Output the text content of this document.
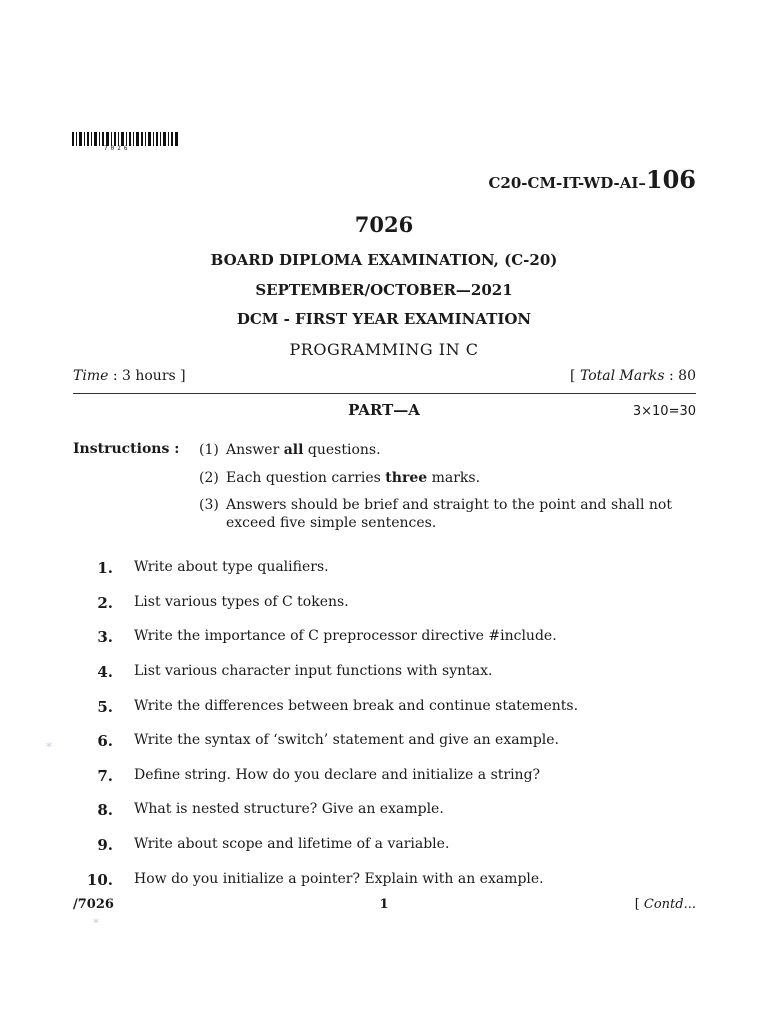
7026
C20-CM-IT-WD-AI–106
7026
BOARD DIPLOMA EXAMINATION, (C-20)
SEPTEMBER/OCTOBER—2021
DCM - FIRST YEAR EXAMINATION
PROGRAMMING IN C
Time : 3 hours ]	[ Total Marks : 80
PART—A	3×10=30
Instructions : (1) Answer all questions.
(2) Each question carries three marks.
(3) Answers should be brief and straight to the point and shall not exceed five simple sentences.
1. Write about type qualifiers.
2. List various types of C tokens.
3. Write the importance of C preprocessor directive #include.
4. List various character input functions with syntax.
5. Write the differences between break and continue statements.
6. Write the syntax of ‘switch’ statement and give an example.
7. Define string. How do you declare and initialize a string?
8. What is nested structure? Give an example.
9. Write about scope and lifetime of a variable.
10. How do you initialize a pointer? Explain with an example.
/7026	1	[ Contd...
*
*
